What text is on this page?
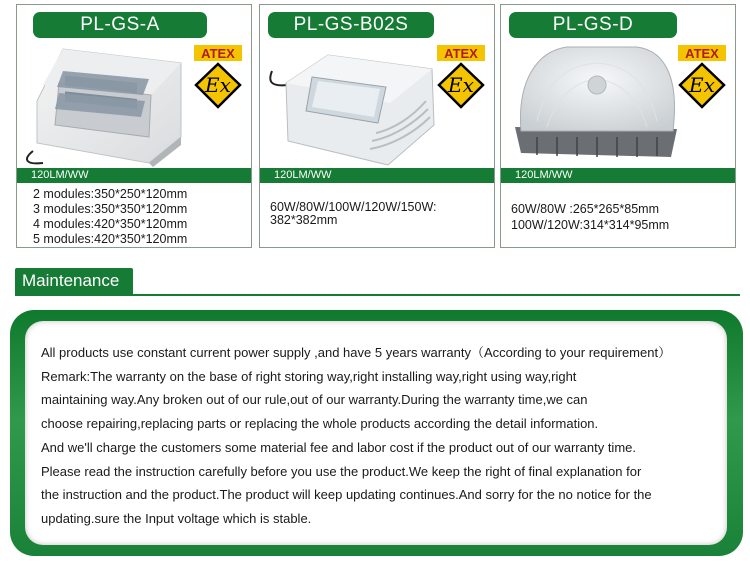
PL-GS-A
ATEX
Ex
120LM/WW
2 modules:350*250*120mm
3 modules:350*350*120mm
4 modules:420*350*120mm
5 modules:420*350*120mm
PL-GS-B02S
ATEX
Ex
120LM/WW
60W/80W/100W/120W/150W:
382*382mm
PL-GS-D
ATEX
Ex
120LM/WW
60W/80W :265*265*85mm
100W/120W:314*314*95mm
Maintenance
All products use constant current power supply ,and have 5 years warranty（According to your requirement）
Remark:The warranty on the base of right storing way,right installing way,right using way,right
maintaining way.Any broken out of our rule,out of our warranty.During the warranty time,we can
choose repairing,replacing parts or replacing the whole products according the detail information.
And we'll charge the customers some material fee and labor cost if the product out of our warranty time.
Please read the instruction carefully before you use the product.We keep the right of final explanation for
the instruction and the product.The product will keep updating continues.And sorry for the no notice for the
updating.sure the Input voltage which is stable.
